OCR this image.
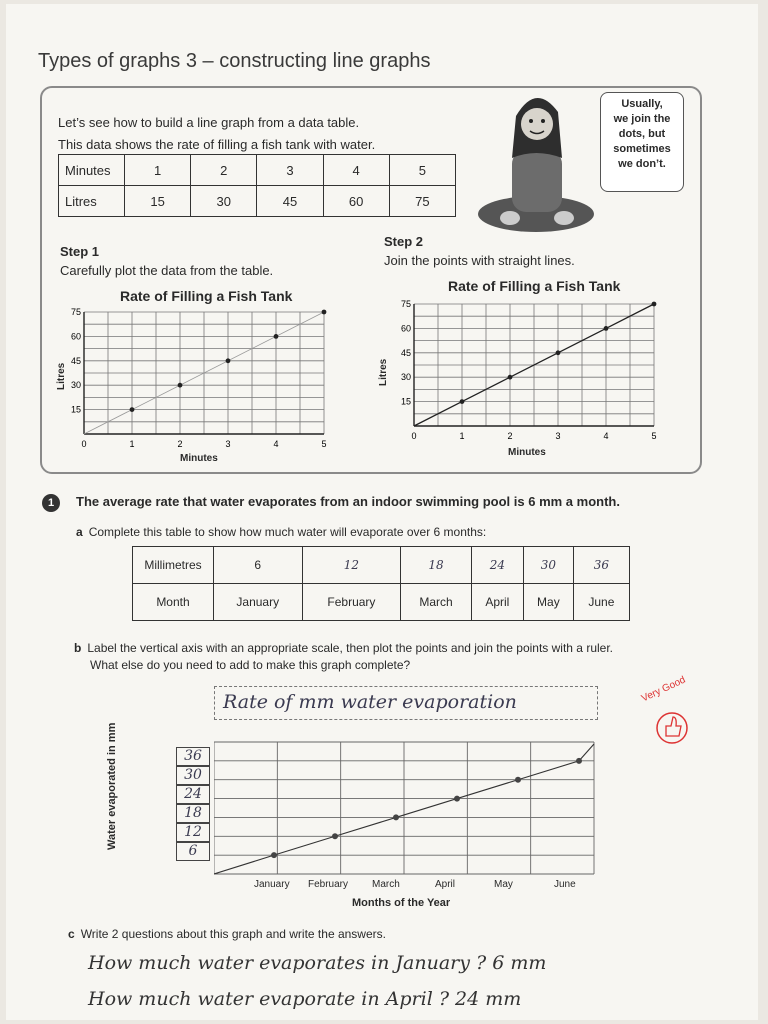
Types of graphs 3 – constructing line graphs
Let’s see how to build a line graph from a data table.
This data shows the rate of filling a fish tank with water.
Usually,
we join the
dots, but
sometimes
we don’t.
Minutes	1	2	3	4	5
Litres	15	30	45	60	75
Step 1
Carefully plot the data from the table.
Step 2
Join the points with straight lines.
Rate of Filling a Fish Tank
0	1	2	3	4	5
15
30
45
60
75
Minutes
Litres
Rate of Filling a Fish Tank
0	1	2	3	4	5
15
30
45
60
75
Minutes
Litres
1	The average rate that water evaporates from an indoor swimming pool is 6 mm a month.
a Complete this table to show how much water will evaporate over 6 months:
Millimetres	6	12	18	24	30	36
Month	January	February	March	April	May	June
b Label the vertical axis with an appropriate scale, then plot the points and join the points with a ruler.
What else do you need to add to make this graph complete?
Rate of mm water evaporation	Very Good
36
30
24
18
12
6
Water evaporated in mm
January February March	April	May	June
Months of the Year
c Write 2 questions about this graph and write the answers.
How much water evaporates in January ? 6 mm
How much water evaporate in April ? 24 mm
